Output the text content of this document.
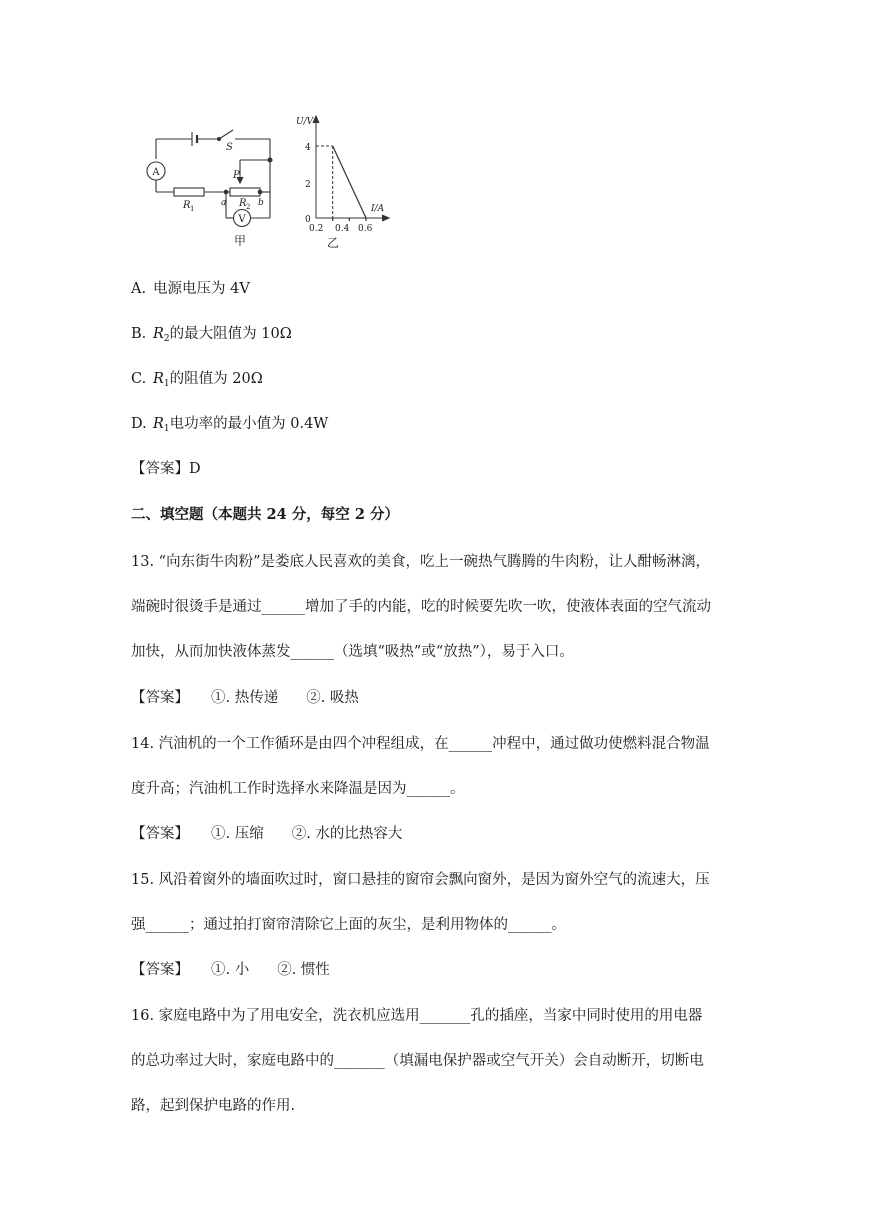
A
V
S
P
R 1	R 2
a	b
甲
U/V
I/A
4
2
0
0.2 0.4 0.6
乙
A. 电源电压为 4V
B. $R_2$的最大阻值为 10Ω
C. $R_1$的阻值为 20Ω
D. $R_1$电功率的最小值为 0.4W
【答案】D
二、填空题（本题共 24 分，每空 2 分）
13. “向东街牛肉粉”是娄底人民喜欢的美食，吃上一碗热气腾腾的牛肉粉，让人酣畅淋漓，
端碗时很烫手是通过______增加了手的内能，吃的时候要先吹一吹，使液体表面的空气流动
加快，从而加快液体蒸发______（选填“吸热”或“放热”），易于入口。
【答案】 ①. 热传递 ②. 吸热
14. 汽油机的一个工作循环是由四个冲程组成，在______冲程中，通过做功使燃料混合物温
度升高；汽油机工作时选择水来降温是因为______。
【答案】 ①. 压缩 ②. 水的比热容大
15. 风沿着窗外的墙面吹过时，窗口悬挂的窗帘会飘向窗外，是因为窗外空气的流速大，压
强______；通过拍打窗帘清除它上面的灰尘，是利用物体的______。
【答案】 ①. 小 ②. 惯性
16. 家庭电路中为了用电安全，洗衣机应选用_______孔的插座，当家中同时使用的用电器
的总功率过大时，家庭电路中的_______（填漏电保护器或空气开关）会自动断开，切断电
路，起到保护电路的作用.
